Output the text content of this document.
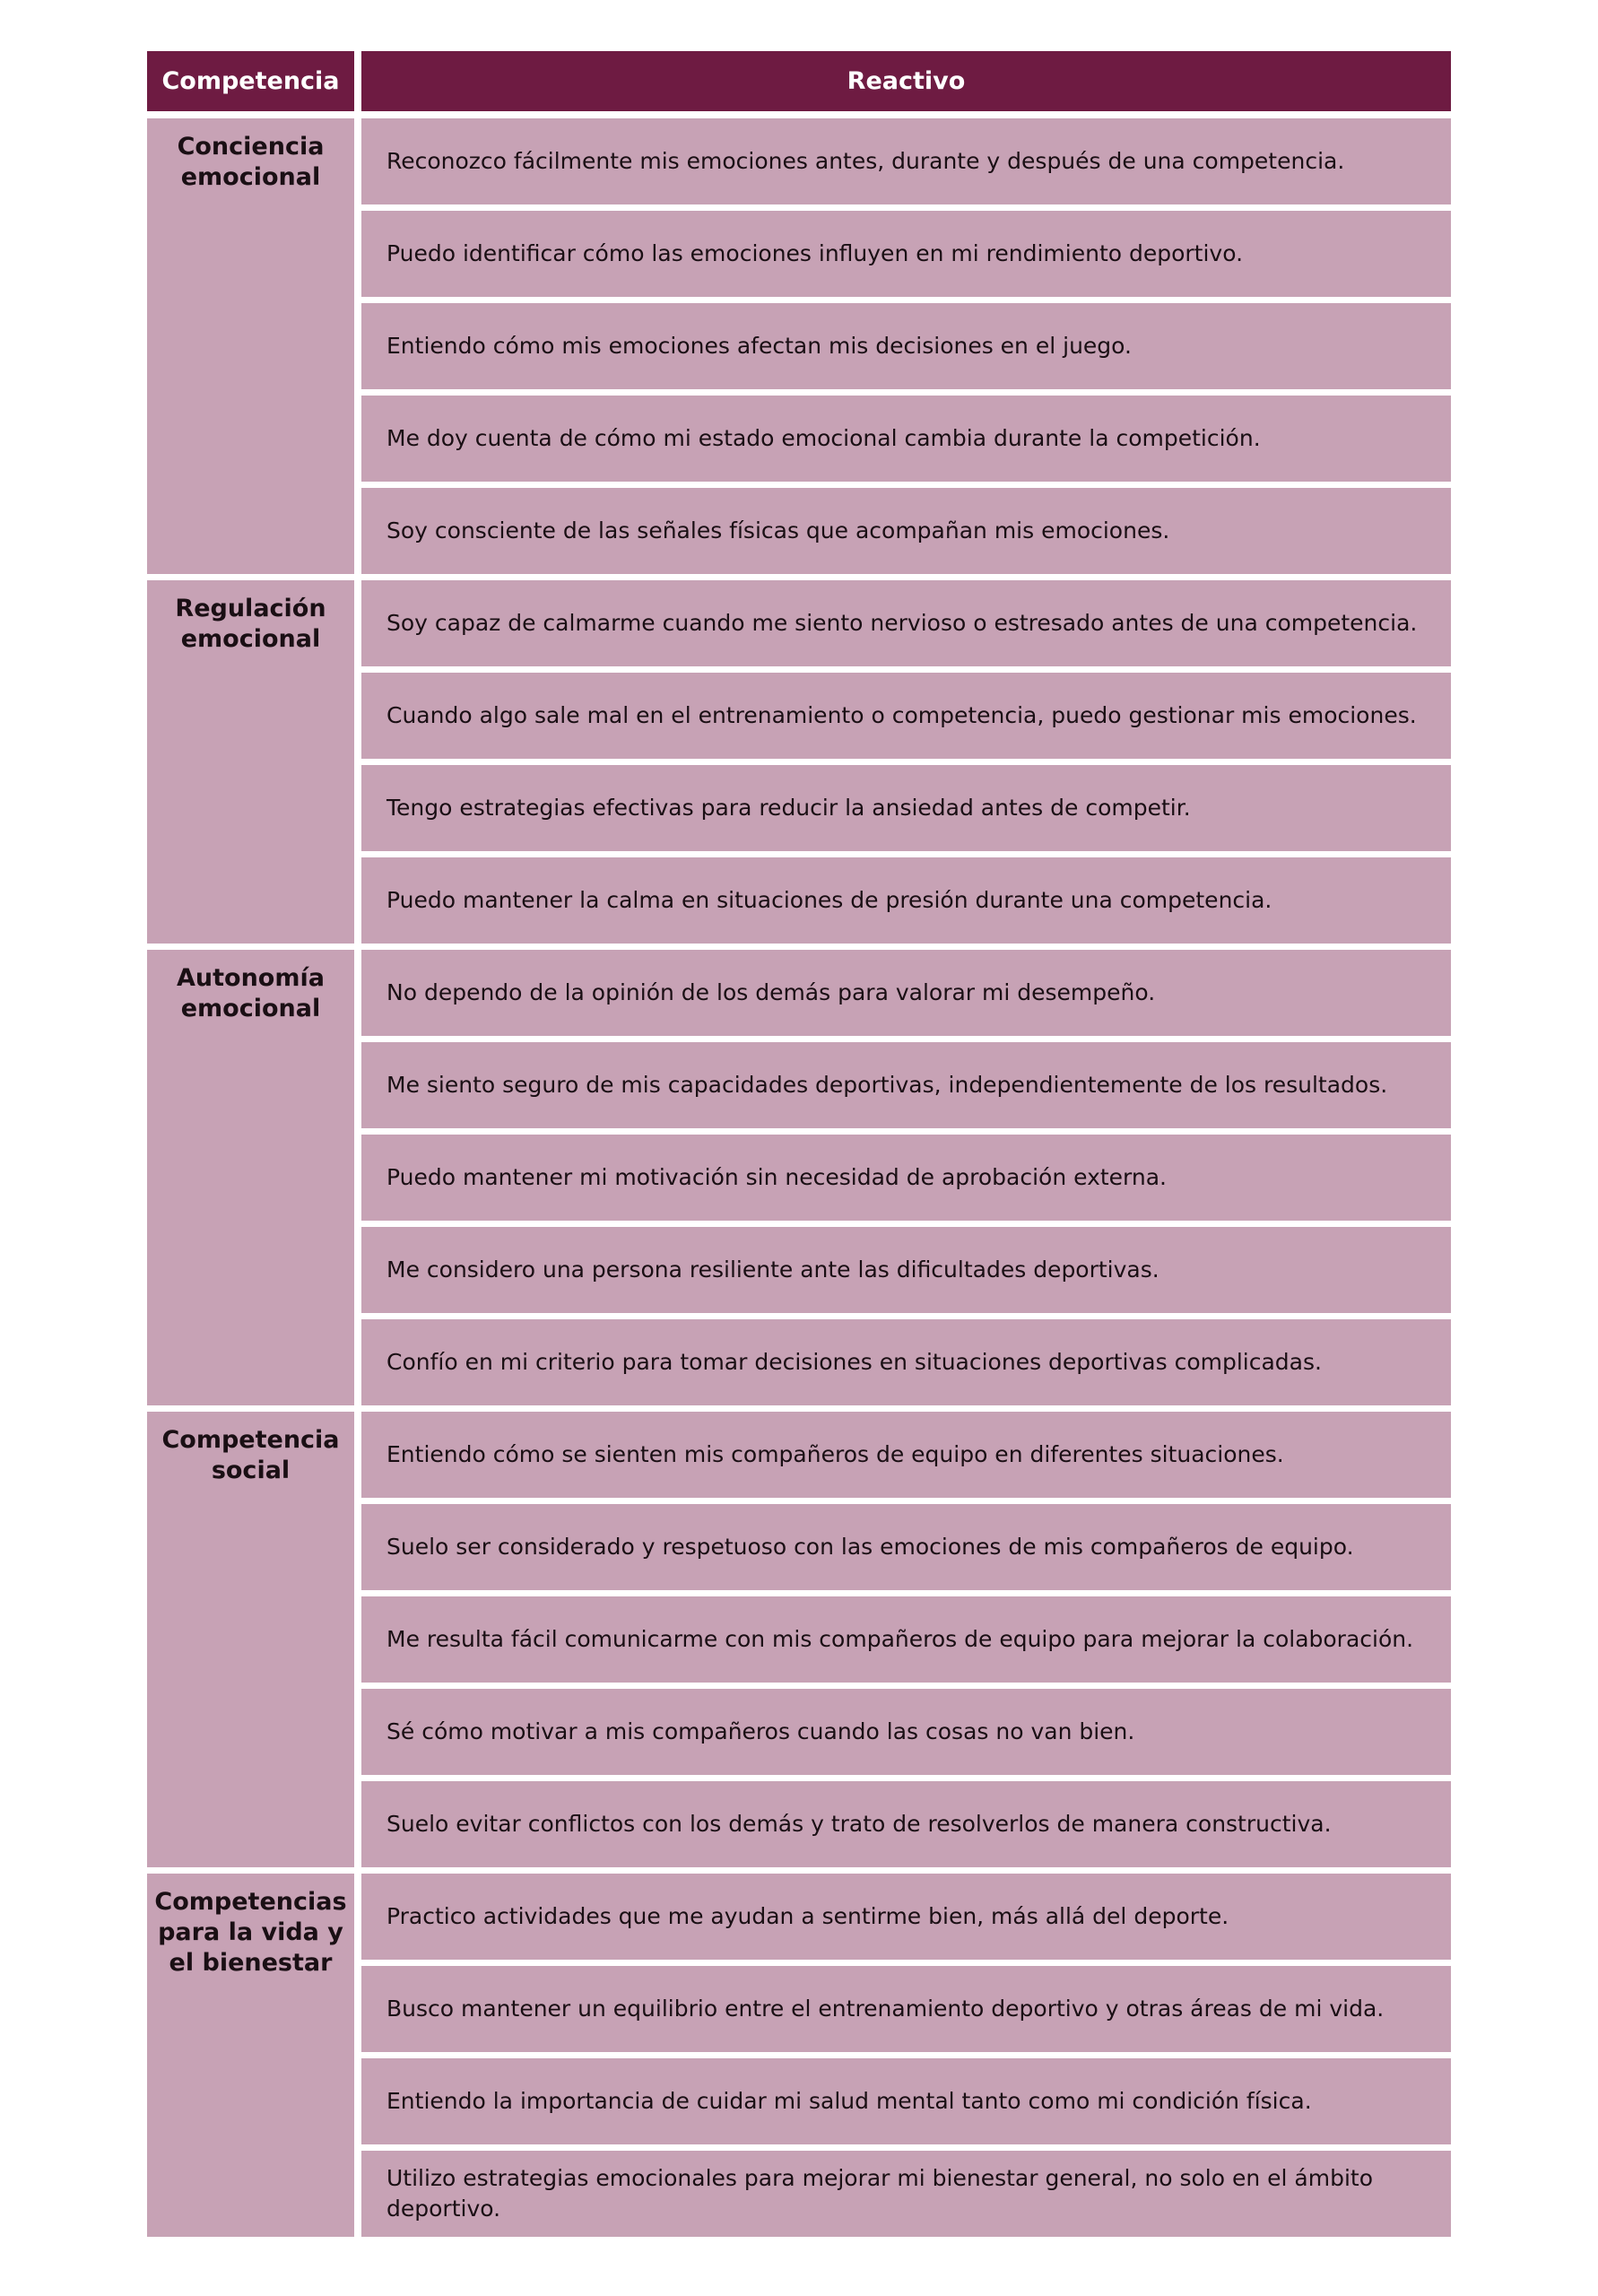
Competencia	Reactivo
Conciencia
emocional
Reconozco fácilmente mis emociones antes, durante y después de una competencia.
Puedo identificar cómo las emociones influyen en mi rendimiento deportivo.
Entiendo cómo mis emociones afectan mis decisiones en el juego.
Me doy cuenta de cómo mi estado emocional cambia durante la competición.
Soy consciente de las señales físicas que acompañan mis emociones.
Regulación
emocional
Soy capaz de calmarme cuando me siento nervioso o estresado antes de una competencia.
Cuando algo sale mal en el entrenamiento o competencia, puedo gestionar mis emociones.
Tengo estrategias efectivas para reducir la ansiedad antes de competir.
Puedo mantener la calma en situaciones de presión durante una competencia.
Autonomía
emocional
No dependo de la opinión de los demás para valorar mi desempeño.
Me siento seguro de mis capacidades deportivas, independientemente de los resultados.
Puedo mantener mi motivación sin necesidad de aprobación externa.
Me considero una persona resiliente ante las dificultades deportivas.
Confío en mi criterio para tomar decisiones en situaciones deportivas complicadas.
Competencia
social
Entiendo cómo se sienten mis compañeros de equipo en diferentes situaciones.
Suelo ser considerado y respetuoso con las emociones de mis compañeros de equipo.
Me resulta fácil comunicarme con mis compañeros de equipo para mejorar la colaboración.
Sé cómo motivar a mis compañeros cuando las cosas no van bien.
Suelo evitar conflictos con los demás y trato de resolverlos de manera constructiva.
Competencias
para la vida y
el bienestar
Practico actividades que me ayudan a sentirme bien, más allá del deporte.
Busco mantener un equilibrio entre el entrenamiento deportivo y otras áreas de mi vida.
Entiendo la importancia de cuidar mi salud mental tanto como mi condición física.
Utilizo estrategias emocionales para mejorar mi bienestar general, no solo en el ámbito deportivo.
